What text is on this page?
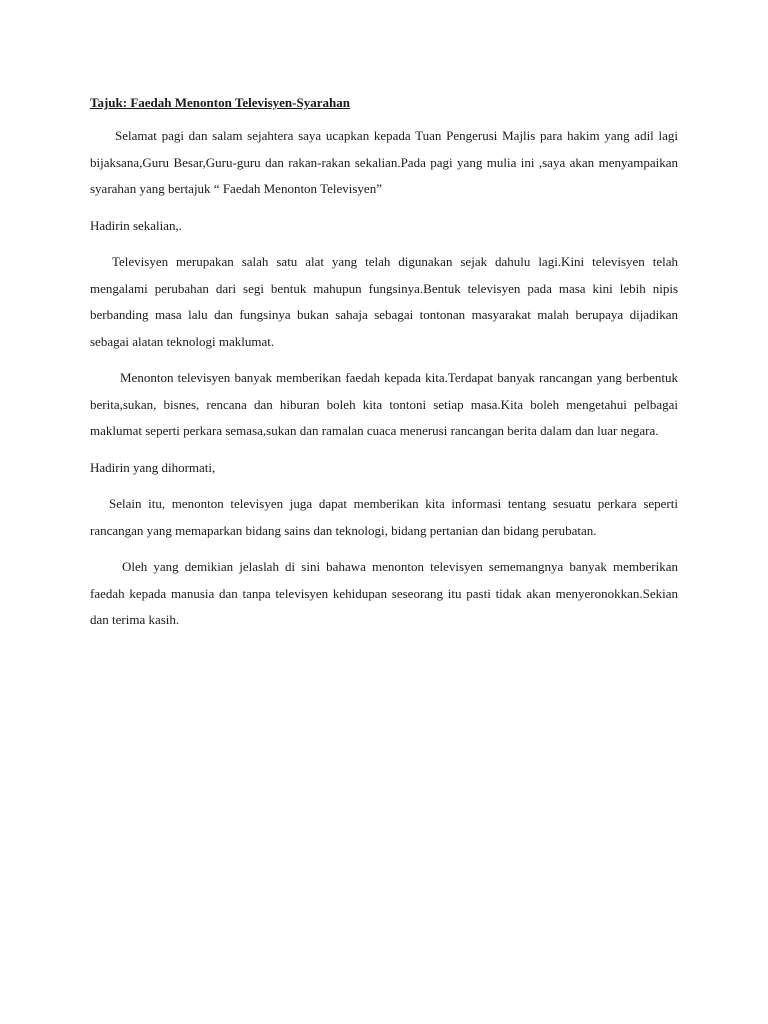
Tajuk: Faedah Menonton Televisyen-Syarahan

Selamat pagi dan salam sejahtera saya ucapkan kepada Tuan Pengerusi Majlis para hakim yang adil lagi bijaksana,Guru Besar,Guru-guru dan rakan-rakan sekalian.Pada pagi yang mulia ini ,saya akan menyampaikan syarahan yang bertajuk “ Faedah Menonton Televisyen”

Hadirin sekalian,.

Televisyen merupakan salah satu alat yang telah digunakan sejak dahulu lagi.Kini televisyen telah mengalami perubahan dari segi bentuk mahupun fungsinya.Bentuk televisyen pada masa kini lebih nipis berbanding masa lalu dan fungsinya bukan sahaja sebagai tontonan masyarakat malah berupaya dijadikan sebagai alatan teknologi maklumat.

Menonton televisyen banyak memberikan faedah kepada kita.Terdapat banyak rancangan yang berbentuk berita,sukan, bisnes, rencana dan hiburan boleh kita tontoni setiap masa.Kita boleh mengetahui pelbagai maklumat seperti perkara semasa,sukan dan ramalan cuaca menerusi rancangan berita dalam dan luar negara.

Hadirin yang dihormati,

Selain itu, menonton televisyen juga dapat memberikan kita informasi tentang sesuatu perkara seperti rancangan yang memaparkan bidang sains dan teknologi, bidang pertanian dan bidang perubatan.

Oleh yang demikian jelaslah di sini bahawa menonton televisyen sememangnya banyak memberikan faedah kepada manusia dan tanpa televisyen kehidupan seseorang itu pasti tidak akan menyeronokkan.Sekian dan terima kasih.
